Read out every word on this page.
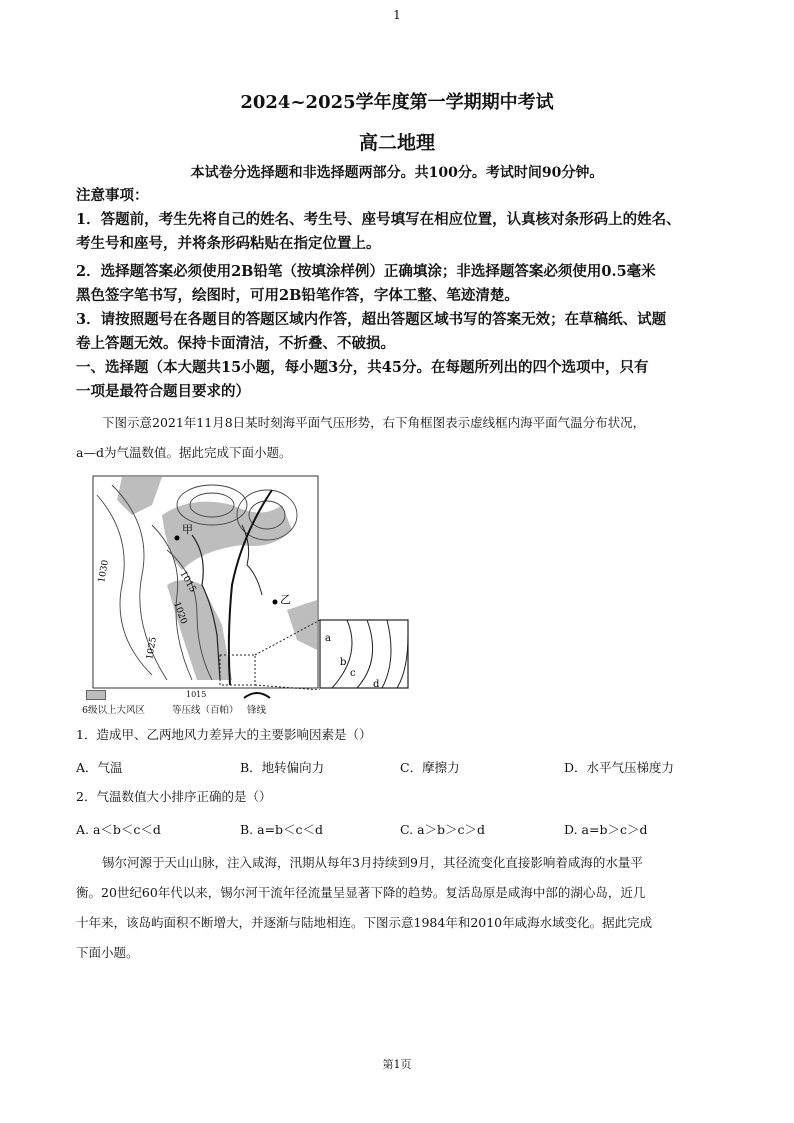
1
2024~2025学年度第一学期期中考试
高二地理
本试卷分选择题和非选择题两部分。共100分。考试时间90分钟。
注意事项：
1．答题前，考生先将自己的姓名、考生号、座号填写在相应位置，认真核对条形码上的姓名、
考生号和座号，并将条形码粘贴在指定位置上。
2．选择题答案必须使用2B铅笔（按填涂样例）正确填涂；非选择题答案必须使用0.5毫米
黑色签字笔书写，绘图时，可用2B铅笔作答，字体工整、笔迹清楚。
3．请按照题号在各题目的答题区域内作答，超出答题区域书写的答案无效；在草稿纸、试题
卷上答题无效。保持卡面清洁，不折叠、不破损。
一、选择题（本大题共15小题，每小题3分，共45分。在每题所列出的四个选项中，只有
一项是最符合题目要求的）
下图示意2021年11月8日某时刻海平面气压形势，右下角框图表示虚线框内海平面气温分布状况，
a—d为气温数值。据此完成下面小题。
甲
乙
1015
1020
1025
1030
a
b
c
d
6级以上大风区
1015
等压线（百帕） 锋线
1．造成甲、乙两地风力差异大的主要影响因素是（）
A．气温	B．地转偏向力	C．摩擦力	D．水平气压梯度力
2．气温数值大小排序正确的是（）
A. a＜b＜c＜d	B. a=b＜c＜d	C. a＞b＞c＞d	D. a=b＞c＞d
锡尔河源于天山山脉，注入咸海，汛期从每年3月持续到9月，其径流变化直接影响着咸海的水量平
衡。20世纪60年代以来，锡尔河干流年径流量呈显著下降的趋势。复活岛原是咸海中部的湖心岛，近几
十年来，该岛屿面积不断增大，并逐渐与陆地相连。下图示意1984年和2010年咸海水域变化。据此完成
下面小题。
第1页
